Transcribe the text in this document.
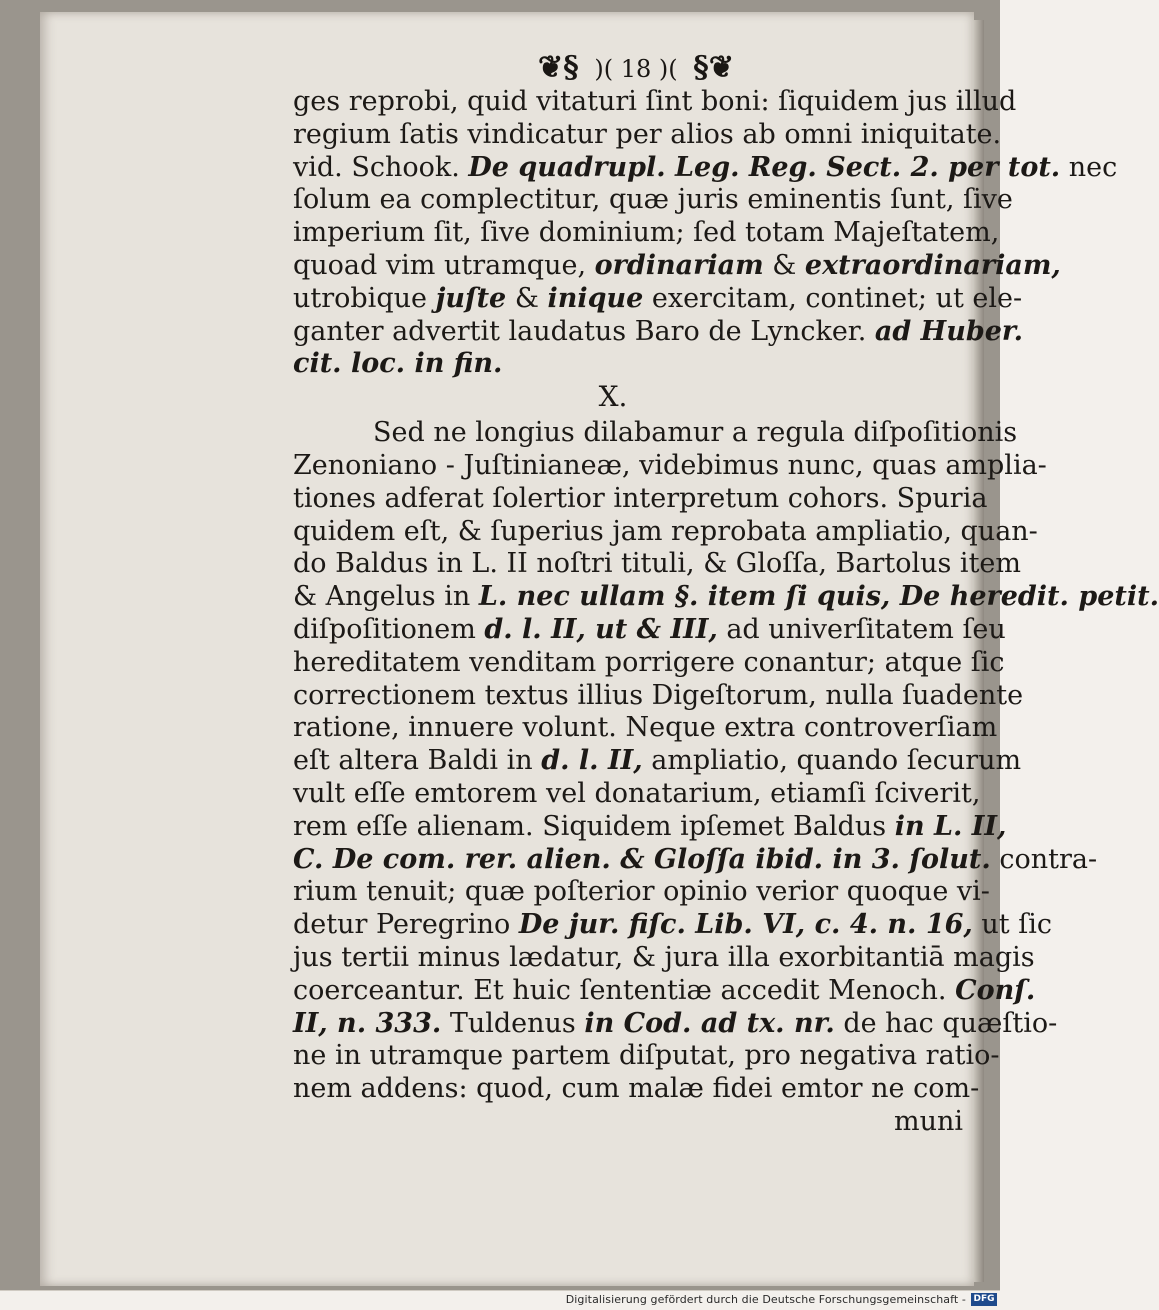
❦§ )( 18 )( §❦
ges reprobi, quid vitaturi ſint boni: ſiquidem jus illud
regium ſatis vindicatur per alios ab omni iniquitate.
vid. Schook. De quadrupl. Leg. Reg. Sect. 2. per tot. nec
ſolum ea complectitur, quæ juris eminentis ſunt, ſive
imperium ſit, ſive dominium; ſed totam Majeſtatem,
quoad vim utramque, ordinariam & extraordinariam,
utrobique juſte & inique exercitam, continet; ut ele-
ganter advertit laudatus Baro de Lyncker. ad Huber.
cit. loc. in fin.
X.
Sed ne longius dilabamur a regula diſpoſitionis
Zenoniano - Juſtinianeæ, videbimus nunc, quas amplia-
tiones adferat ſolertior interpretum cohors. Spuria
quidem eſt, & ſuperius jam reprobata ampliatio, quan-
do Baldus in L. II noſtri tituli, & Gloſſa, Bartolus item
& Angelus in L. nec ullam §. item ſi quis, De heredit. petit.
diſpoſitionem d. l. II, ut & III, ad univerſitatem ſeu
hereditatem venditam porrigere conantur; atque ſic
correctionem textus illius Digeſtorum, nulla ſuadente
ratione, innuere volunt. Neque extra controverſiam
eſt altera Baldi in d. l. II, ampliatio, quando ſecurum
vult eſſe emtorem vel donatarium, etiamſi ſciverit,
rem eſſe alienam. Siquidem ipſemet Baldus in L. II,
C. De com. rer. alien. & Gloſſa ibid. in 3. ſolut. contra-
rium tenuit; quæ poſterior opinio verior quoque vi-
detur Peregrino De jur. fiſc. Lib. VI, c. 4. n. 16, ut ſic
jus tertii minus lædatur, & jura illa exorbitantiā magis
coerceantur. Et huic ſententiæ accedit Menoch. Conſ.
II, n. 333. Tuldenus in Cod. ad tx. nr. de hac quæſtio-
ne in utramque partem diſputat, pro negativa ratio-
nem addens: quod, cum malæ fidei emtor ne com-
muni
Digitalisierung gefördert durch die Deutsche Forschungsgemeinschaft - DFG
